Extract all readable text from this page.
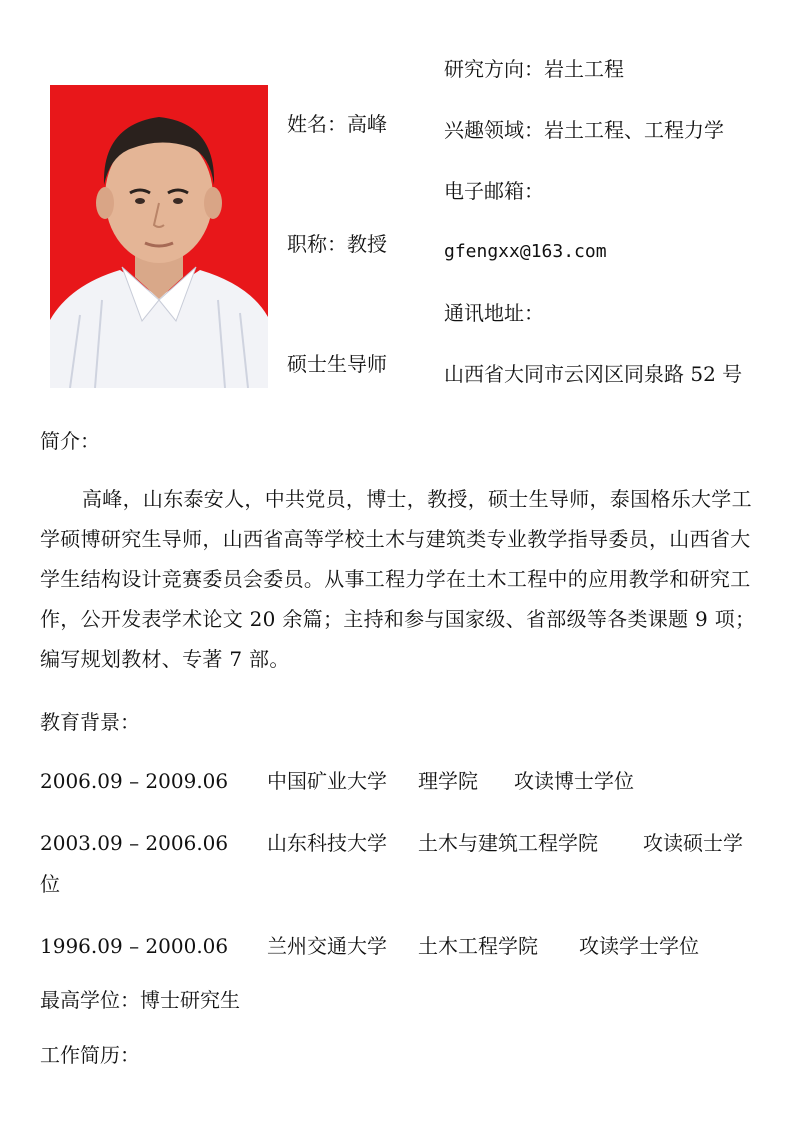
姓名：高峰
职称：教授
硕士生导师
研究方向：岩土工程
兴趣领域：岩土工程、工程力学
电子邮箱：
gfengxx@163.com
通讯地址：
山西省大同市云冈区同泉路 52 号
简介：
高峰，山东泰安人，中共党员，博士，教授，硕士生导师，泰国格乐大学工学硕博研究生导师，山西省高等学校土木与建筑类专业教学指导委员，山西省大学生结构设计竞赛委员会委员。从事工程力学在土木工程中的应用教学和研究工作，公开发表学术论文 20 余篇；主持和参与国家级、省部级等各类课题 9 项；编写规划教材、专著 7 部。
教育背景：
2006.09 – 2009.06 中国矿业大学 理学院 攻读博士学位
2003.09 – 2006.06 山东科技大学 土木与建筑工程学院 攻读硕士学
位
1996.09 – 2000.06 兰州交通大学 土木工程学院 攻读学士学位
最高学位：博士研究生
工作简历：
